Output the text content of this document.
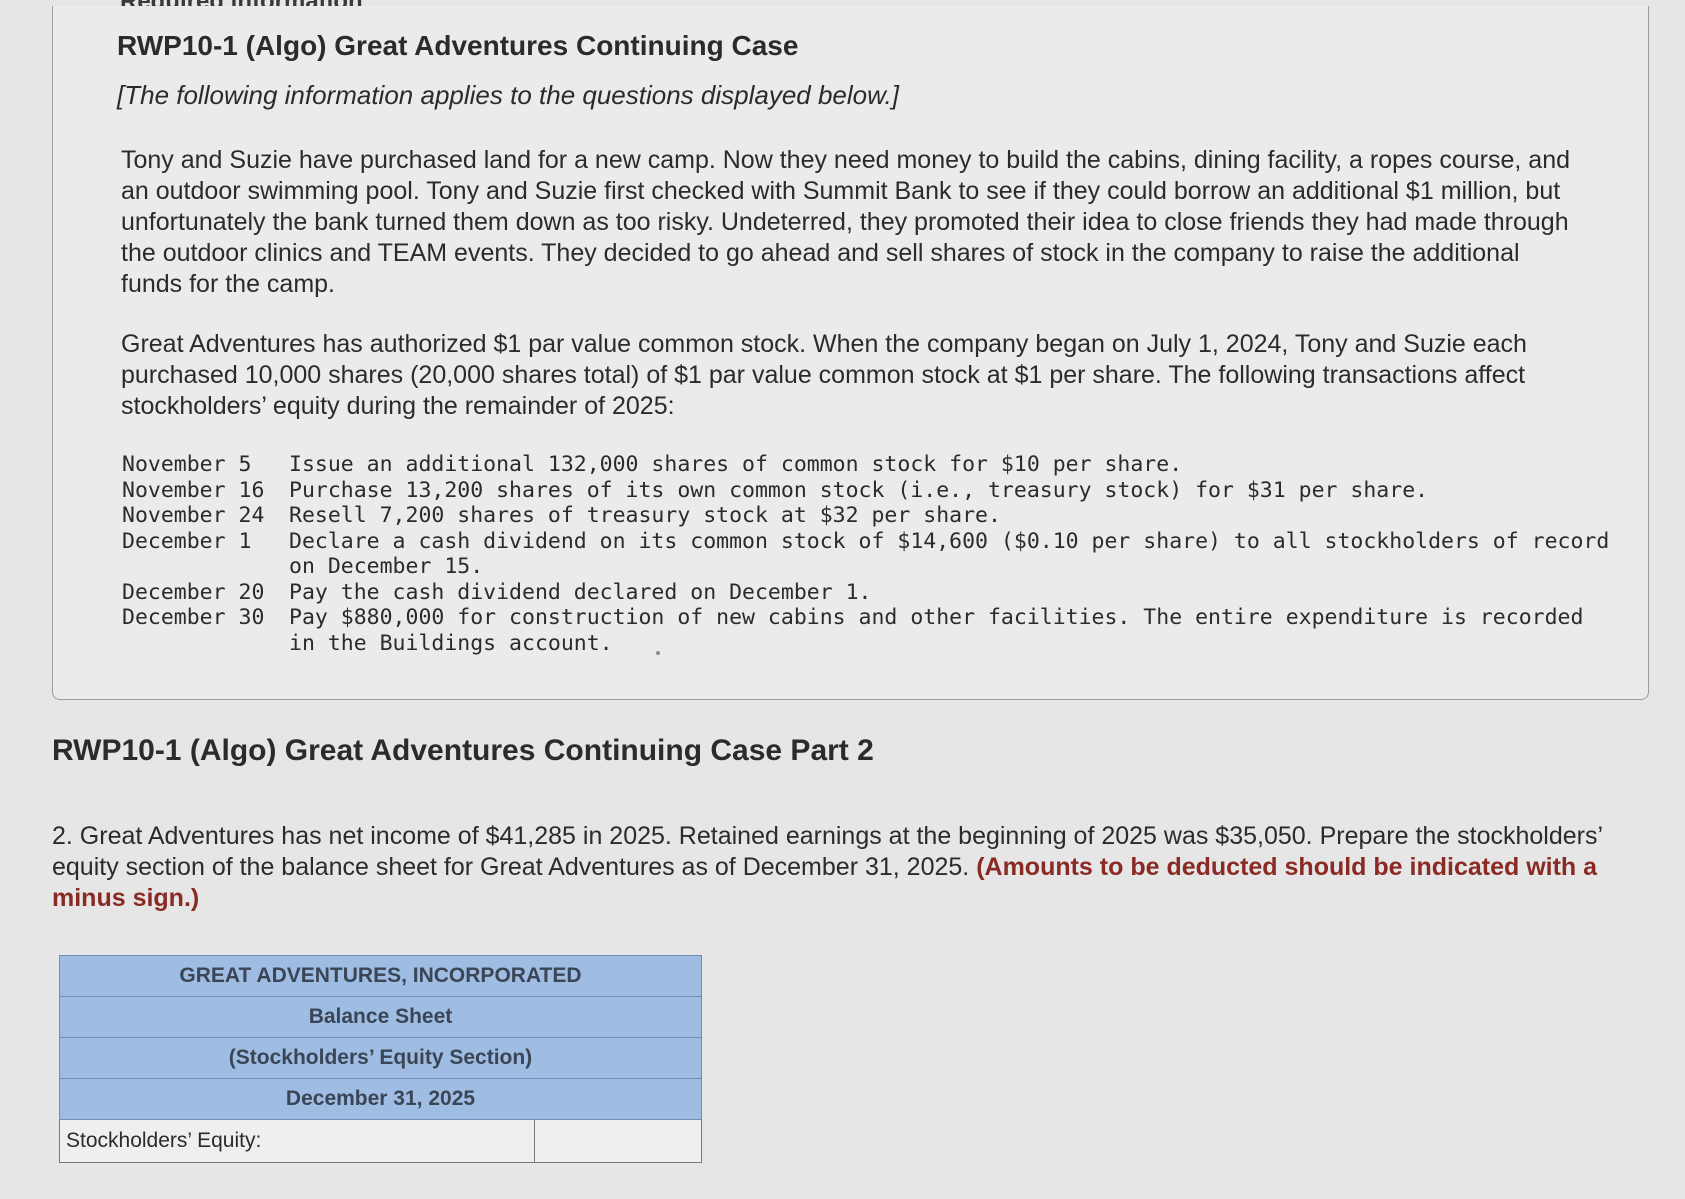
RWP10-1 (Algo) Great Adventures Continuing Case
[The following information applies to the questions displayed below.]
Tony and Suzie have purchased land for a new camp. Now they need money to build the cabins, dining facility, a ropes course, and an outdoor swimming pool. Tony and Suzie first checked with Summit Bank to see if they could borrow an additional $1 million, but unfortunately the bank turned them down as too risky. Undeterred, they promoted their idea to close friends they had made through the outdoor clinics and TEAM events. They decided to go ahead and sell shares of stock in the company to raise the additional funds for the camp.
Great Adventures has authorized $1 par value common stock. When the company began on July 1, 2024, Tony and Suzie each purchased 10,000 shares (20,000 shares total) of $1 par value common stock at $1 per share. The following transactions affect stockholders’ equity during the remainder of 2025:
November 5	Issue an additional 132,000 shares of common stock for $10 per share.
November 16	Purchase 13,200 shares of its own common stock (i.e., treasury stock) for $31 per share.
November 24	Resell 7,200 shares of treasury stock at $32 per share.
December 1	Declare a cash dividend on its common stock of $14,600 ($0.10 per share) to all stockholders of record on December 15.
December 20	Pay the cash dividend declared on December 1.
December 30	Pay $880,000 for construction of new cabins and other facilities. The entire expenditure is recorded in the Buildings account.
RWP10-1 (Algo) Great Adventures Continuing Case Part 2
2. Great Adventures has net income of $41,285 in 2025. Retained earnings at the beginning of 2025 was $35,050. Prepare the stockholders’ equity section of the balance sheet for Great Adventures as of December 31, 2025. (Amounts to be deducted should be indicated with a minus sign.)
GREAT ADVENTURES, INCORPORATED
Balance Sheet
(Stockholders’ Equity Section)
December 31, 2025
Stockholders’ Equity:	
